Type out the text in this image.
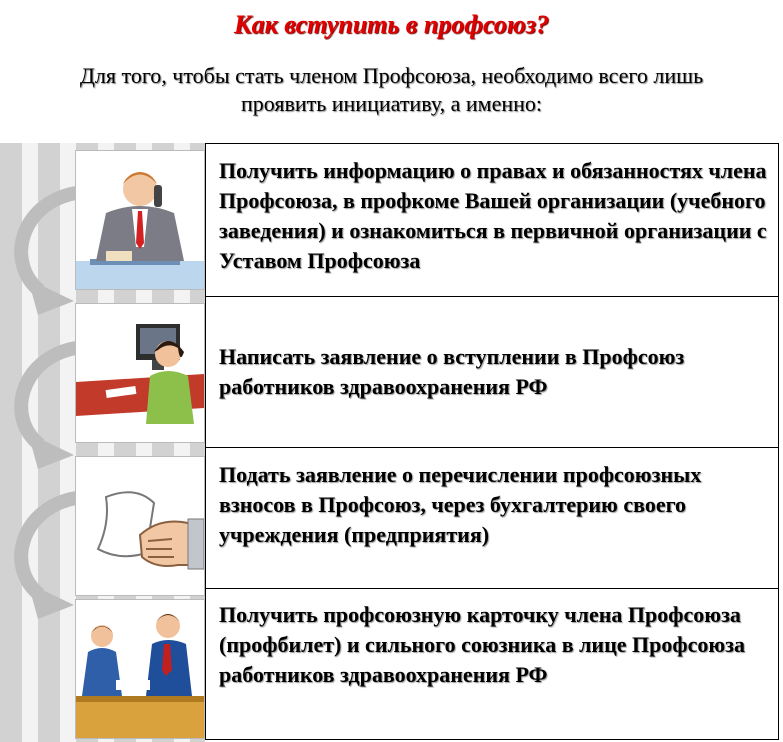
Как вступить в профсоюз?
Для того, чтобы стать членом Профсоюза, необходимо всего лишь
проявить инициативу, а именно:
Получить информацию о правах и обязанностях члена Профсоюза, в профкоме Вашей организации (учебного заведения) и ознакомиться в первичной организации с Уставом Профсоюза
Написать заявление о вступлении в Профсоюз работников здравоохранения РФ
Подать заявление о перечислении профсоюзных взносов в Профсоюз, через бухгалтерию своего учреждения (предприятия)
Получить профсоюзную карточку члена Профсоюза (профбилет) и сильного союзника в лице Профсоюза работников здравоохранения РФ
